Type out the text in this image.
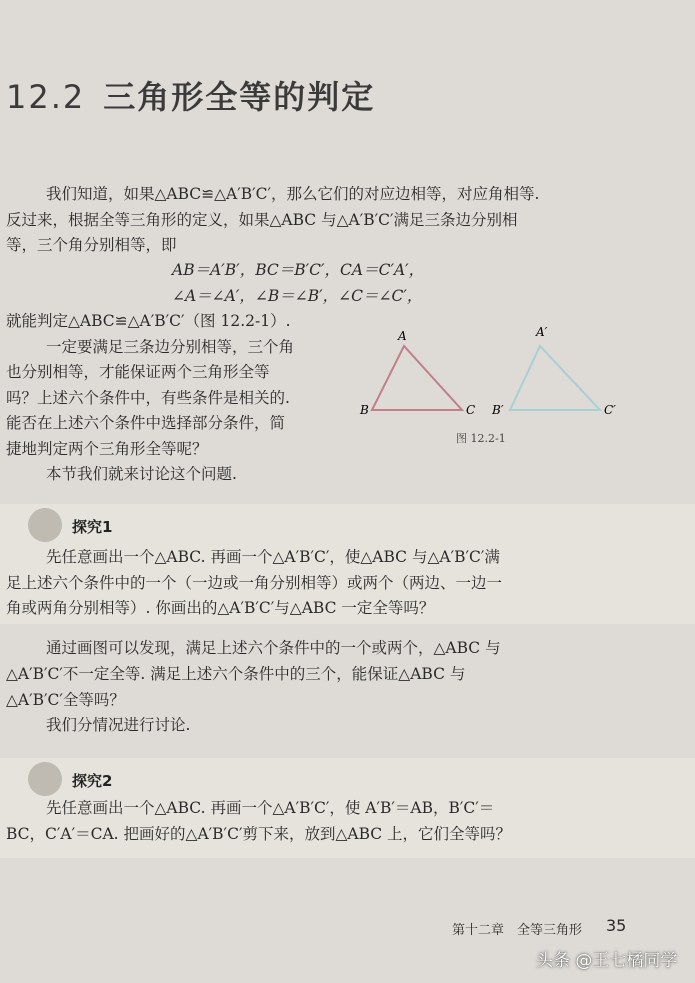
12.2 三角形全等的判定
我们知道，如果△ABC≌△A′B′C′，那么它们的对应边相等，对应角相等.
反过来，根据全等三角形的定义，如果△ABC 与△A′B′C′满足三条边分别相
等，三个角分别相等，即
AB＝A′B′，BC＝B′C′，CA＝C′A′，
∠A＝∠A′，∠B＝∠B′，∠C＝∠C′，
就能判定△ABC≌△A′B′C′（图 12.2-1）.
一定要满足三条边分别相等，三个角
也分别相等，才能保证两个三角形全等
吗？上述六个条件中，有些条件是相关的.
能否在上述六个条件中选择部分条件，简
捷地判定两个三角形全等呢？
本节我们就来讨论这个问题.
A
B	C
A′
B′	C′
图 12.2-1
探究1
先任意画出一个△ABC. 再画一个△A′B′C′，使△ABC 与△A′B′C′满
足上述六个条件中的一个（一边或一角分别相等）或两个（两边、一边一
角或两角分别相等）. 你画出的△A′B′C′与△ABC 一定全等吗？
通过画图可以发现，满足上述六个条件中的一个或两个，△ABC 与
△A′B′C′不一定全等. 满足上述六个条件中的三个，能保证△ABC 与
△A′B′C′全等吗？
我们分情况进行讨论.
探究2
先任意画出一个△ABC. 再画一个△A′B′C′，使 A′B′＝AB，B′C′＝
BC，C′A′＝CA. 把画好的△A′B′C′剪下来，放到△ABC 上，它们全等吗？
第十二章　全等三角形 35
头条 @王七橘同学
